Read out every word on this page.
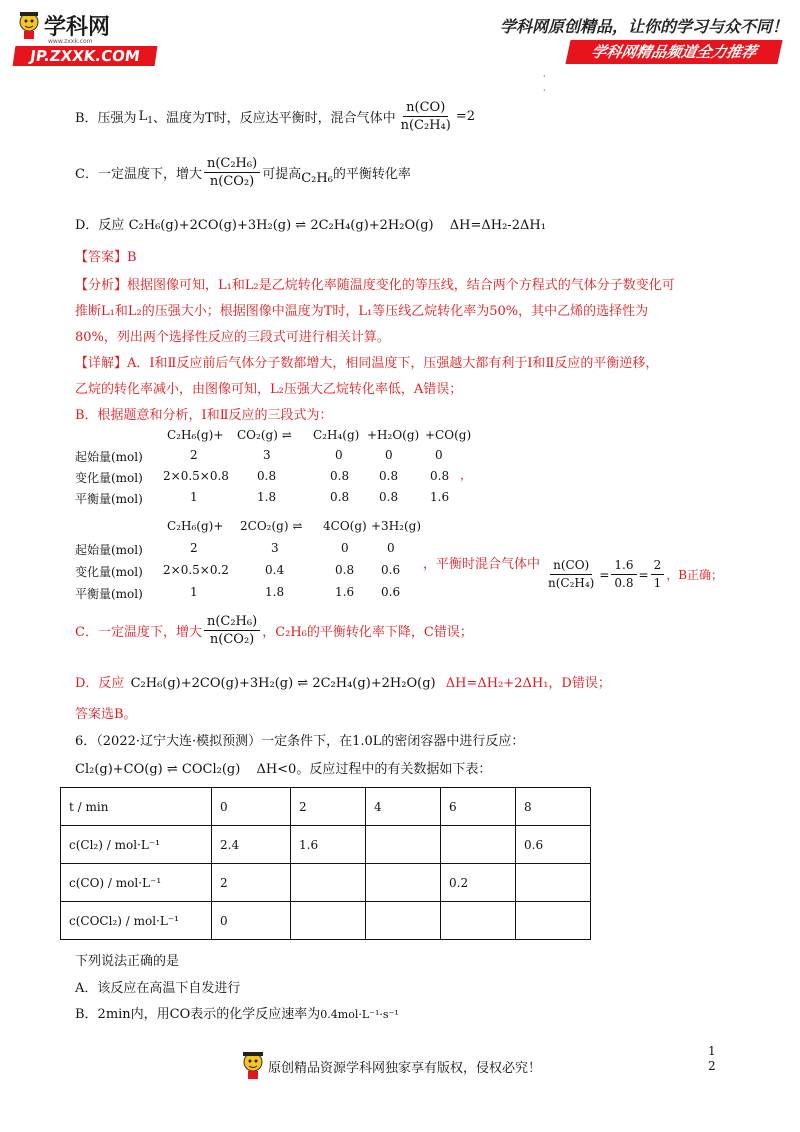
学科网
www.zxxk.com
JP.ZXXK.COM
学科网原创精品，让你的学习与众不同！
学科网精品频道全力推荐
·
·
B．压强为 $L_1$ 、温度为T时，反应达平衡时，混合气体中 $\frac{n(CO)}{\text{n(C₂H₄)}} =2$
C．一定温度下，增大 $\frac{\text{n(C₂H₆)}}{\text{n(CO₂)}}$ 可提高 C₂H₆ 的平衡转化率
D．反应 C₂H₆(g)+2CO(g)+3H₂(g) ⇌ 2C₂H₄(g)+2H₂O(g) ΔH=ΔH₂-2ΔH₁
【答案】B
【分析】根据图像可知，L₁和L₂是乙烷转化率随温度变化的等压线，结合两个方程式的气体分子数变化可
推断L₁和L₂的压强大小；根据图像中温度为T时，L₁等压线乙烷转化率为50%，其中乙烯的选择性为
80%，列出两个选择性反应的三段式可进行相关计算。
【详解】A．Ⅰ和Ⅱ反应前后气体分子数都增大，相同温度下，压强越大都有利于Ⅰ和Ⅱ反应的平衡逆移，
乙烷的转化率减小，由图像可知，L₂压强大乙烷转化率低，A错误；
B．根据题意和分析，Ⅰ和Ⅱ反应的三段式为：
C₂H₆(g)+ CO₂(g) ⇌ C₂H₄(g) +H₂O(g) +CO(g)
起始量(mol)	2	3	0	0	0
变化量(mol) 2×0.5×0.8 0.8	0.8 0.8	0.8
平衡量(mol)	1	1.8	0.8 0.8	1.6
，
C₂H₆(g)+ 2CO₂(g) ⇌ 4CO(g) +3H₂(g)
起始量(mol)	2	3	0	0
变化量(mol) 2×0.5×0.2	0.4	0.8 0.6
平衡量(mol)	1	1.8	1.6 0.6
，平衡时混合气体中 $\frac{n(CO)}{\text{n(C₂H₄)}} = \frac{1.6}{0.8} = \frac{2}{1}$ ，B正确；
C．一定温度下，增大 $\frac{\text{n(C₂H₆)}}{\text{n(CO₂)}}$ ，C₂H₆的平衡转化率下降，C错误；
D．反应 C₂H₆(g)+2CO(g)+3H₂(g) ⇌ 2C₂H₄(g)+2H₂O(g) ΔH=ΔH₂+2ΔH₁，D错误；
答案选B。
6．（2022·辽宁大连·模拟预测）一定条件下，在1.0L的密闭容器中进行反应：
Cl₂(g)+CO(g) ⇌ COCl₂(g) ΔH<0。反应过程中的有关数据如下表：
t / min	0	2	4	6	8
c(Cl₂) / mol·L⁻¹	2.4	1.6			0.6
c(CO) / mol·L⁻¹	2			0.2	
c(COCl₂) / mol·L⁻¹	0				
下列说法正确的是
A．该反应在高温下自发进行
B．2min内，用CO表示的化学反应速率为0.4mol·L⁻¹·s⁻¹
原创精品资源学科网独家享有版权，侵权必究！
1
2
